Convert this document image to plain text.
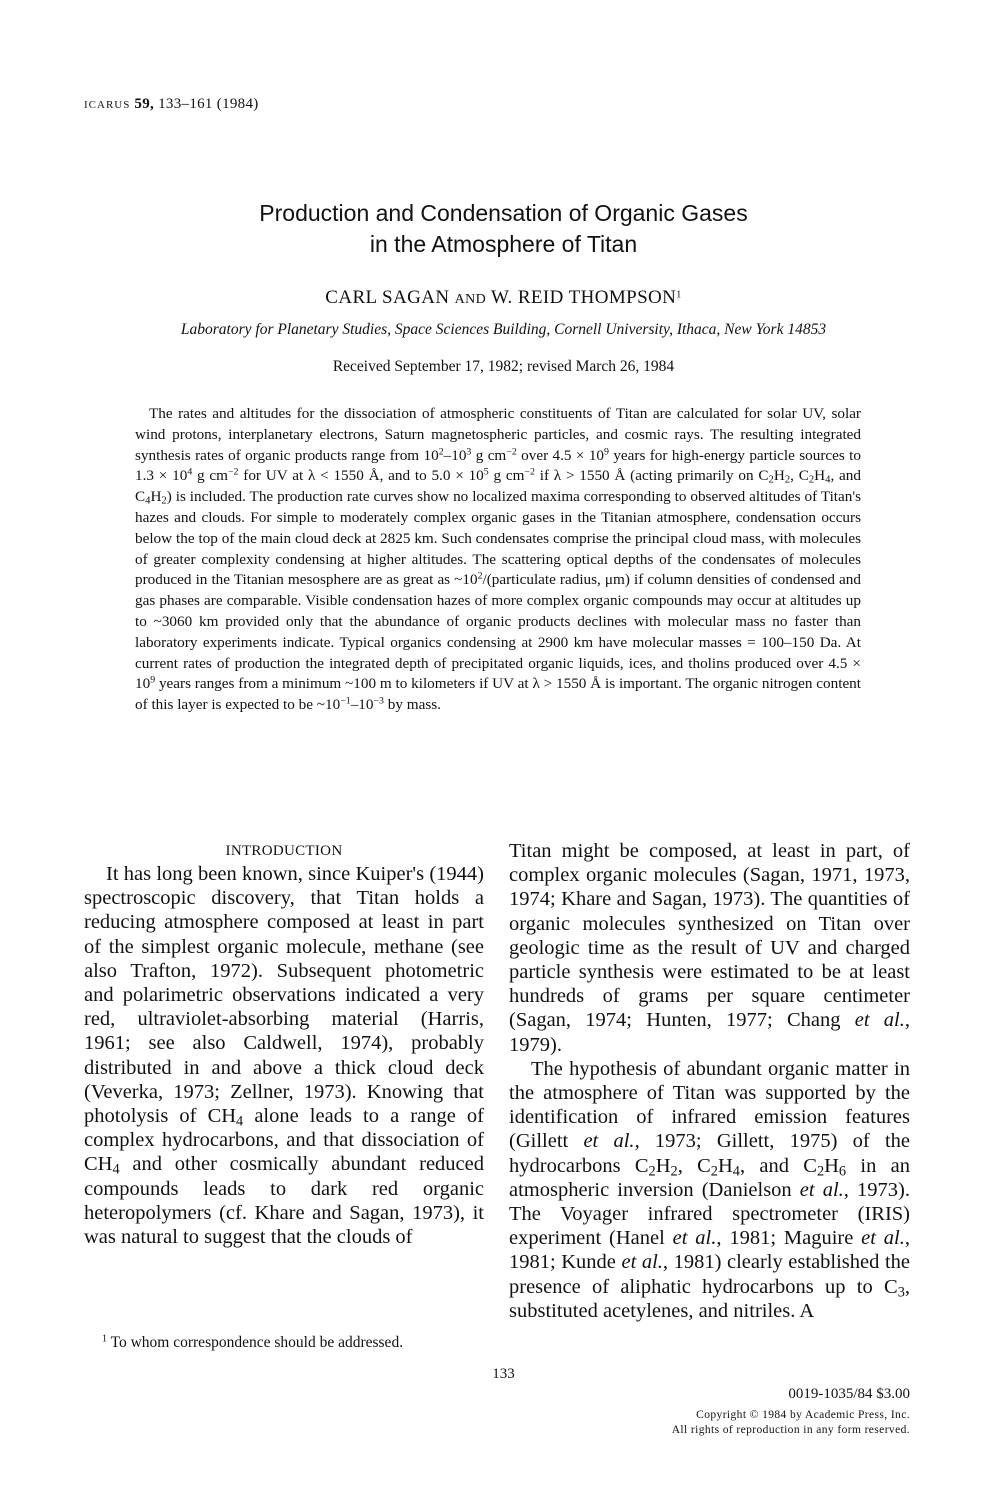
ICARUS 59, 133–161 (1984)
Production and Condensation of Organic Gases
in the Atmosphere of Titan
CARL SAGAN AND W. REID THOMPSON$^1$
Laboratory for Planetary Studies, Space Sciences Building, Cornell University, Ithaca, New York 14853
Received September 17, 1982; revised March 26, 1984
The rates and altitudes for the dissociation of atmospheric constituents of Titan are calculated for solar UV, solar wind protons, interplanetary electrons, Saturn magnetospheric particles, and cosmic rays. The resulting integrated synthesis rates of organic products range from $10^2-10^3$ g $cm^{-2}$ over $4.5 \times 10^9$ years for high-energy particle sources to $1.3 \times 10^4$ g $cm^{-2}$ for UV at λ < 1550 Å, and to $5.0 \times 10^5$ g $cm^{-2}$ if λ > 1550 Å (acting primarily on $C_2H_2$, $C_2H_4$, and $C_4H_2$) is included. The production rate curves show no localized maxima corresponding to observed altitudes of Titan's hazes and clouds. For simple to moderately complex organic gases in the Titanian atmosphere, condensation occurs below the top of the main cloud deck at 2825 km. Such condensates comprise the principal cloud mass, with molecules of greater complexity condensing at higher altitudes. The scattering optical depths of the condensates of molecules produced in the Titanian mesosphere are as great as $\sim 10^2/(particulate$ radius, μm) if column densities of condensed and gas phases are comparable. Visible condensation hazes of more complex organic compounds may occur at altitudes up to ~3060 km provided only that the abundance of organic products declines with molecular mass no faster than laboratory experiments indicate. Typical organics condensing at 2900 km have molecular masses = 100–150 Da. At current rates of production the integrated depth of precipitated organic liquids, ices, and tholins produced over $4.5 \times 10^9$ years ranges from a minimum ~100 m to kilometers if UV at λ > 1550 Å is important. The organic nitrogen content of this layer is expected to be $\sim 10^{-1}-10^{-3}$ by mass.
INTRODUCTION

It has long been known, since Kuiper's (1944) spectroscopic discovery, that Titan holds a reducing atmosphere composed at least in part of the simplest organic molecule, methane (see also Trafton, 1972). Subsequent photometric and polarimetric observations indicated a very red, ultraviolet-absorbing material (Harris, 1961; see also Caldwell, 1974), probably distributed in and above a thick cloud deck (Veverka, 1973; Zellner, 1973). Knowing that photolysis of $CH_4$ alone leads to a range of complex hydrocarbons, and that dissociation of $CH_4$ and other cosmically abundant reduced compounds leads to dark red organic heteropolymers (cf. Khare and Sagan, 1973), it was natural to suggest that the clouds of

Titan might be composed, at least in part, of complex organic molecules (Sagan, 1971, 1973, 1974; Khare and Sagan, 1973). The quantities of organic molecules synthesized on Titan over geologic time as the result of UV and charged particle synthesis were estimated to be at least hundreds of grams per square centimeter (Sagan, 1974; Hunten, 1977; Chang et al., 1979).

The hypothesis of abundant organic matter in the atmosphere of Titan was supported by the identification of infrared emission features (Gillett et al., 1973; Gillett, 1975) of the hydrocarbons $C_2H_2$, $C_2H_4$, and $C_2H_6$ in an atmospheric inversion (Danielson et al., 1973). The Voyager infrared spectrometer (IRIS) experiment (Hanel et al., 1981; Maguire et al., 1981; Kunde et al., 1981) clearly established the presence of aliphatic hydrocarbons up to $C_3$, substituted acetylenes, and nitriles. A

$^1$ To whom correspondence should be addressed.
133
0019-1035/84 $3.00
Copyright © 1984 by Academic Press, Inc.
All rights of reproduction in any form reserved.
